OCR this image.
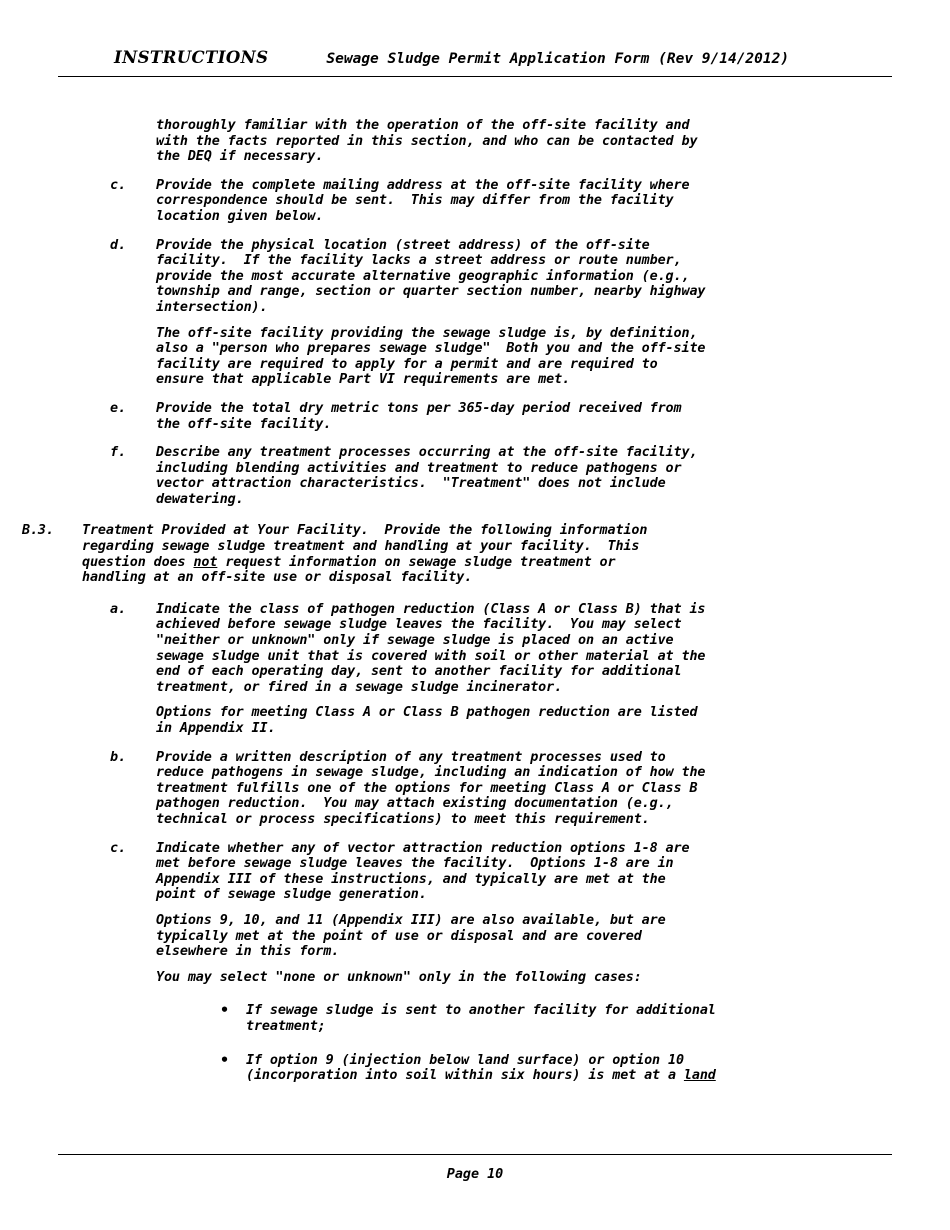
INSTRUCTIONS	Sewage Sludge Permit Application Form (Rev 9/14/2012)
thoroughly familiar with the operation of the off-site facility and
with the facts reported in this section, and who can be contacted by
the DEQ if necessary.
c.	Provide the complete mailing address at the off-site facility where
correspondence should be sent.  This may differ from the facility
location given below.
d.	Provide the physical location (street address) of the off-site
facility.  If the facility lacks a street address or route number,
provide the most accurate alternative geographic information (e.g.,
township and range, section or quarter section number, nearby highway
intersection).
The off-site facility providing the sewage sludge is, by definition,
also a "person who prepares sewage sludge"  Both you and the off-site
facility are required to apply for a permit and are required to
ensure that applicable Part VI requirements are met.
e.	Provide the total dry metric tons per 365-day period received from
the off-site facility.
f.	Describe any treatment processes occurring at the off-site facility,
including blending activities and treatment to reduce pathogens or
vector attraction characteristics.  "Treatment" does not include
dewatering.
B.3.	Treatment Provided at Your Facility.  Provide the following information
regarding sewage sludge treatment and handling at your facility.  This
question does not request information on sewage sludge treatment or
handling at an off-site use or disposal facility.
a.	Indicate the class of pathogen reduction (Class A or Class B) that is
achieved before sewage sludge leaves the facility.  You may select
"neither or unknown" only if sewage sludge is placed on an active
sewage sludge unit that is covered with soil or other material at the
end of each operating day, sent to another facility for additional
treatment, or fired in a sewage sludge incinerator.
Options for meeting Class A or Class B pathogen reduction are listed
in Appendix II.
b.	Provide a written description of any treatment processes used to
reduce pathogens in sewage sludge, including an indication of how the
treatment fulfills one of the options for meeting Class A or Class B
pathogen reduction.  You may attach existing documentation (e.g.,
technical or process specifications) to meet this requirement.
c.	Indicate whether any of vector attraction reduction options 1-8 are
met before sewage sludge leaves the facility.  Options 1-8 are in
Appendix III of these instructions, and typically are met at the
point of sewage sludge generation.
Options 9, 10, and 11 (Appendix III) are also available, but are
typically met at the point of use or disposal and are covered
elsewhere in this form.
You may select "none or unknown" only in the following cases:
•	If sewage sludge is sent to another facility for additional
treatment;
•	If option 9 (injection below land surface) or option 10
(incorporation into soil within six hours) is met at a land
Page 10
